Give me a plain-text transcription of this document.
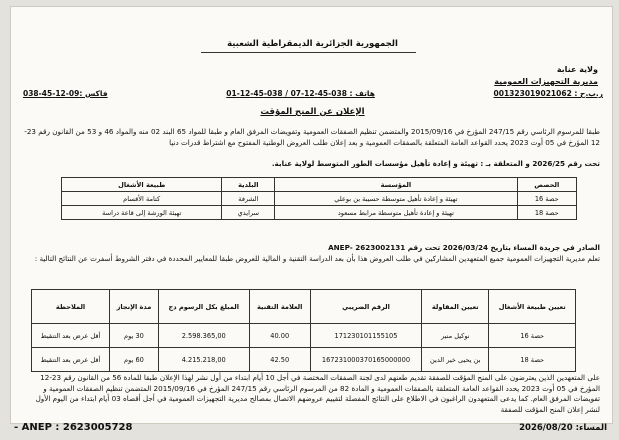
الجمهورية الجزائرية الديمقراطية الشعبية
ولاية عنابة
مديرية التجهيزات العمومية
ر.ب.ح : 001323019021062
هاتف : 038-45-12-07 / 038-45-12-01
فاكس :09-12-45-038
الإعلان عن المنح المؤقت

طبقا للمرسوم الرئاسي رقم 247/15 المؤرخ في 2015/09/16 والمتضمن تنظيم الصفقات العمومية وتفويضات المرفق العام و طبقا للمواد 65 البند 02 منه والمواد 46 و 53 من القانون رقم 23-12 المؤرخ في 05 أوت 2023 يحدد القواعد العامة المتعلقة بالصفقات العمومية و بعد إعلان طلب العروض الوطنية المفتوح مع اشتراط قدرات دنيا

تحت رقم 2026/25 و المتعلقة بـ : تهيئة و إعادة تأهيل مؤسسات الطور المتوسط لولاية عنابة.

الحصص	المؤسسة	البلدية	طبيعة الأشغال
حصة 16	تهيئة و إعادة تأهيل متوسطة حسيبة بن بوعلي	الشرفة	كتامة الأقسام
حصة 18	تهيئة و إعادة تأهيل متوسطة مرابط مسعود	سرايدي	تهيئة الورشة إلى قاعة دراسة
الصادر في جريدة المساء بتاريخ 2026/03/24 تحت رقم ANEP- 2623002131
تعلم مديرية التجهيزات العمومية جميع المتعهدين المشاركين في طلب العروض هذا بأن بعد الدراسة التقنية و المالية للعروض طبقا للمعايير المحددة في دفتر الشروط أسفرت عن النتائج التالية :
تعيين طبيعة الأشغال	تعيين المقاولة	الرقم الضريبي	العلامة التقنية	المبلغ بكل الرسوم دج	مدة الإنجاز	الملاحظة
حصة 16	نوكيل منير	171230101155105	40.00	2.598.365,00	30 يوم	أقل عرض بعد التنقيط
حصة 18	بن يحيى خير الدين	167231000370165000000	42.50	4.215.218,00	60 يوم	أقل عرض بعد التنقيط

على المتعهدين الذين يعترضون على المنح المؤقت للصفقة تقديم طعنهم لدى لجنة الصفقات المختصة في أجل 10 أيام ابتداء من أول نشر لهذا الإعلان طبقا للمادة 56 من القانون رقم 23-12 المؤرخ في 05 أوت 2023 يحدد القواعد العامة المتعلقة بالصفقات العمومية و المادة 82 من المرسوم الرئاسي رقم 247/15 المؤرخ في 2015/09/16 المتضمن تنظيم الصفقات العمومية و تفويضات المرفق العام. كما يدعى المتعهدون الراغبون في الاطلاع على النتائج المفصلة لتقييم عروضهم الاتصال بمصالح مديرية التجهيزات العمومية في أجل أقصاه 03 أيام ابتداء من اليوم الأول لنشر إعلان المنح المؤقت للصفقة

- ANEP : 2623005728	المساء: 2026/08/20
